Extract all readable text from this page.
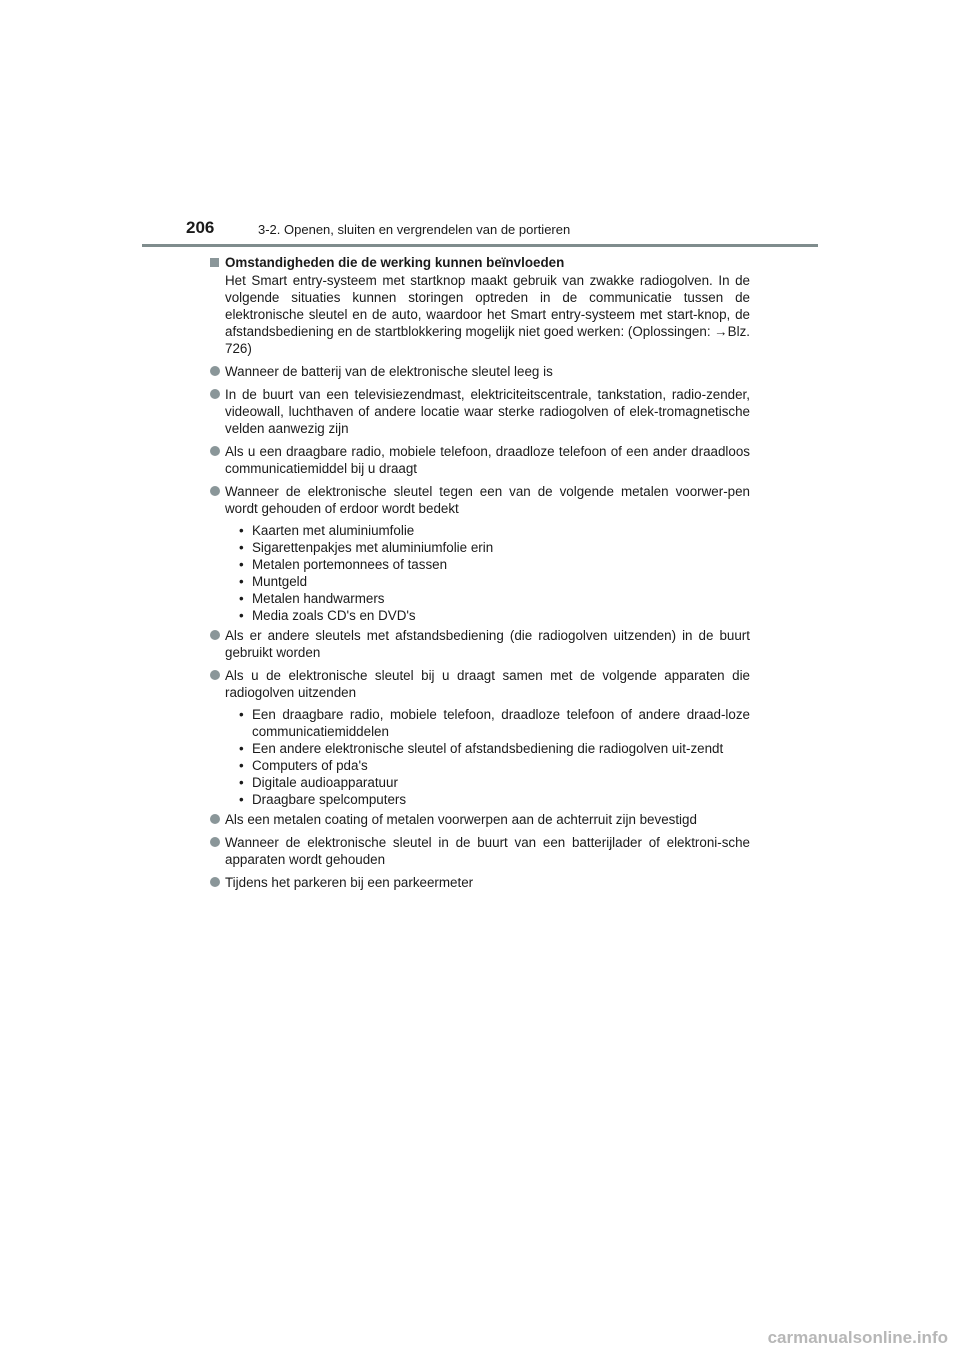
206	3-2. Openen, sluiten en vergrendelen van de portieren
Omstandigheden die de werking kunnen beïnvloeden
Het Smart entry-systeem met startknop maakt gebruik van zwakke radiogolven. In de volgende situaties kunnen storingen optreden in de communicatie tussen de elektronische sleutel en de auto, waardoor het Smart entry-systeem met start-knop, de afstandsbediening en de startblokkering mogelijk niet goed werken: (Oplossingen: →Blz. 726)
Wanneer de batterij van de elektronische sleutel leeg is
In de buurt van een televisiezendmast, elektriciteitscentrale, tankstation, radio-zender, videowall, luchthaven of andere locatie waar sterke radiogolven of elek-tromagnetische velden aanwezig zijn
Als u een draagbare radio, mobiele telefoon, draadloze telefoon of een ander draadloos communicatiemiddel bij u draagt
Wanneer de elektronische sleutel tegen een van de volgende metalen voorwer-pen wordt gehouden of erdoor wordt bedekt
• Kaarten met aluminiumfolie
• Sigarettenpakjes met aluminiumfolie erin
• Metalen portemonnees of tassen
• Muntgeld
• Metalen handwarmers
• Media zoals CD's en DVD's
Als er andere sleutels met afstandsbediening (die radiogolven uitzenden) in de buurt gebruikt worden
Als u de elektronische sleutel bij u draagt samen met de volgende apparaten die radiogolven uitzenden
• Een draagbare radio, mobiele telefoon, draadloze telefoon of andere draad-loze communicatiemiddelen
• Een andere elektronische sleutel of afstandsbediening die radiogolven uit-zendt
• Computers of pda's
• Digitale audioapparatuur
• Draagbare spelcomputers
Als een metalen coating of metalen voorwerpen aan de achterruit zijn bevestigd
Wanneer de elektronische sleutel in de buurt van een batterijlader of elektroni-sche apparaten wordt gehouden
Tijdens het parkeren bij een parkeermeter
carmanualsonline.info
